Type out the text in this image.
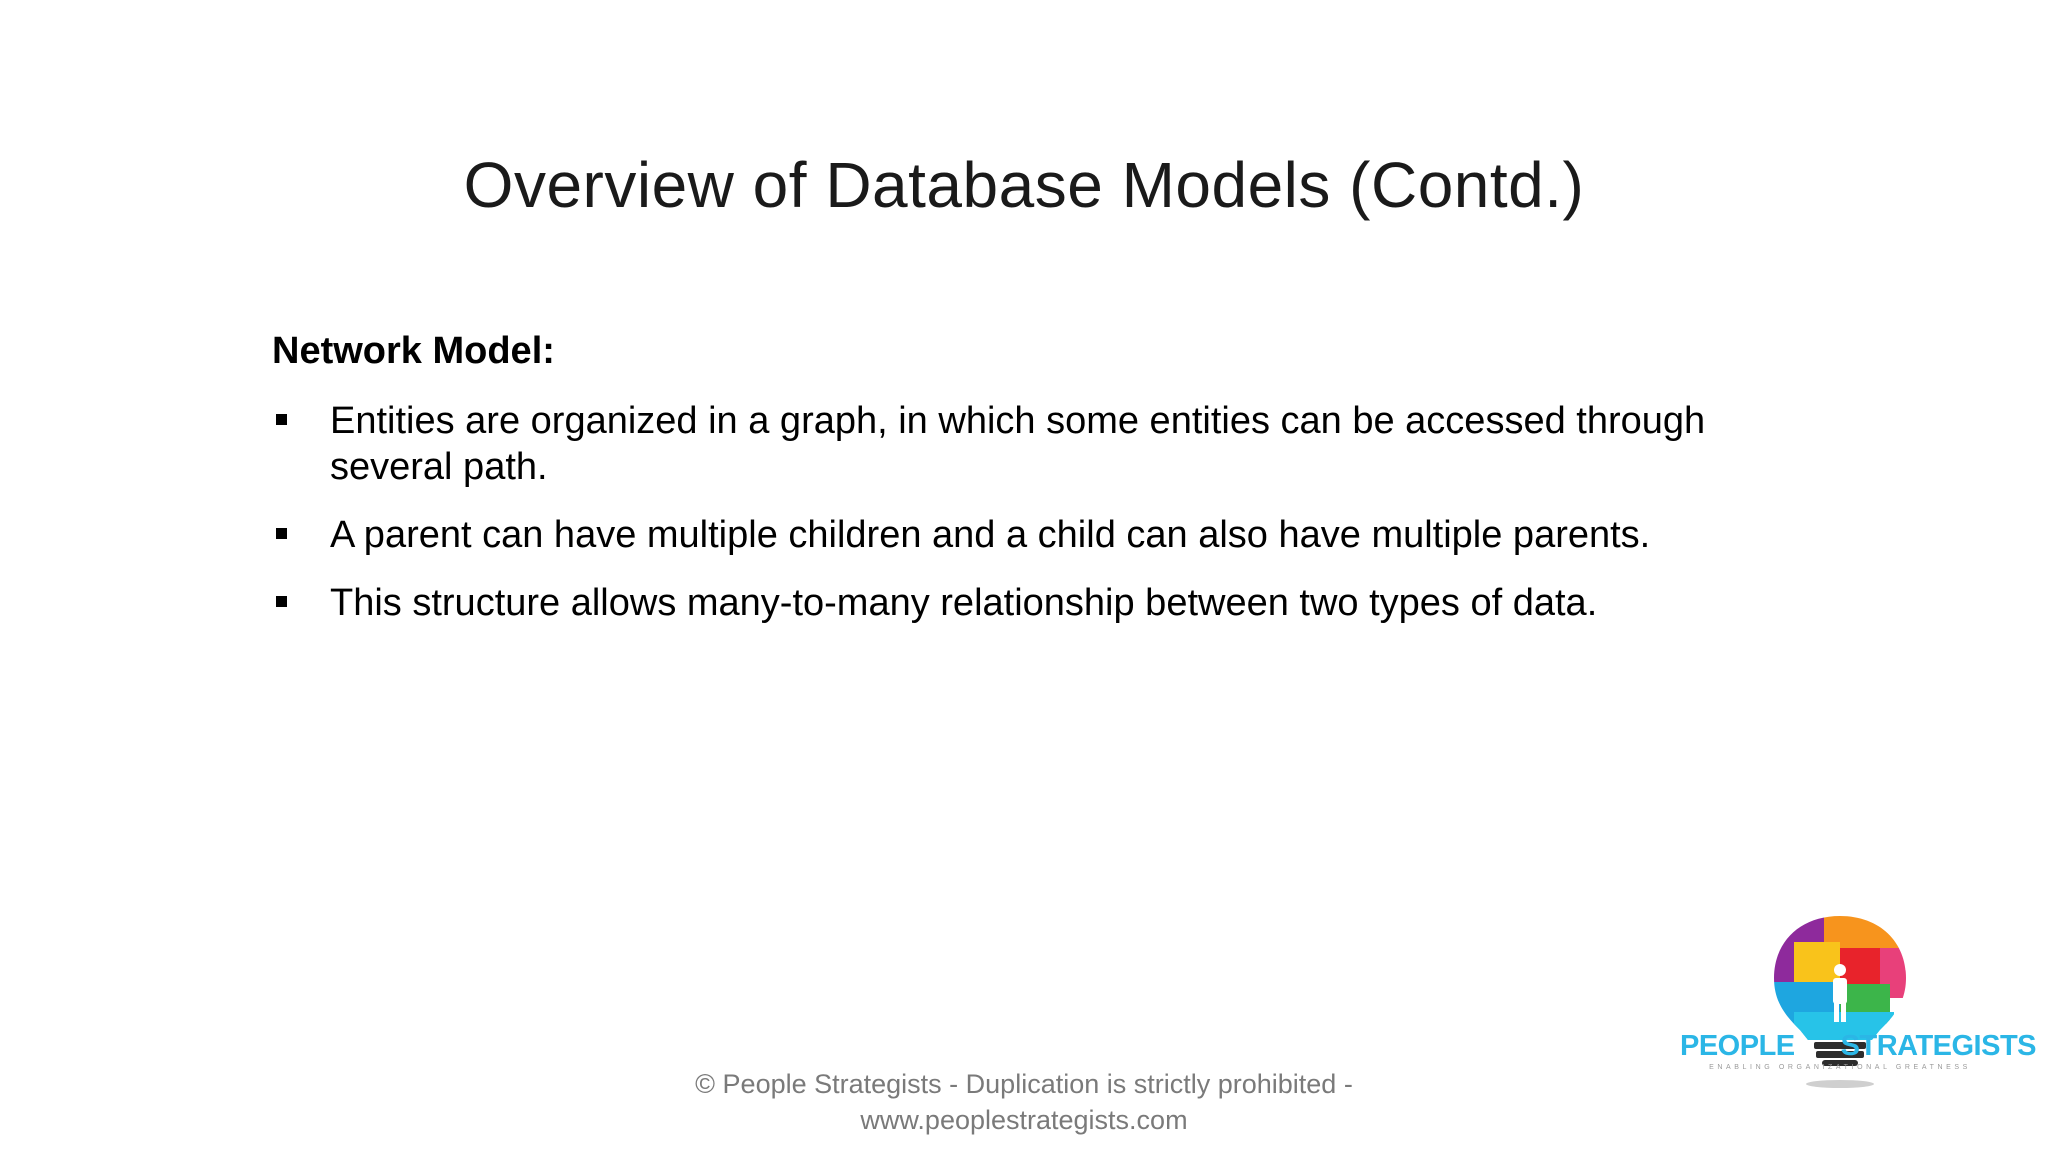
Overview of Database Models (Contd.)
Network Model:
Entities are organized in a graph, in which some entities can be accessed through several path.
A parent can have multiple children and a child can also have multiple parents.
This structure allows many-to-many relationship between two types of data.
© People Strategists - Duplication is strictly prohibited -
www.peoplestrategists.com
PEOPLE STRATEGISTS
ENABLING ORGANIZATIONAL GREATNESS
